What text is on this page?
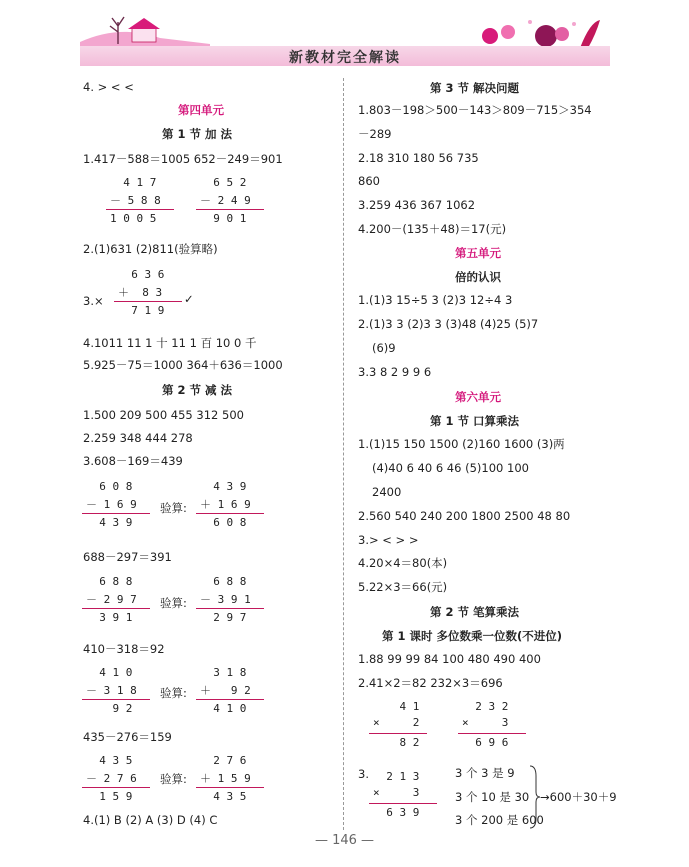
新教材完全解读
4. > < <
第四单元
第 1 节 加 法
1.417－588＝1005 652－249＝901
2.(1)631 (2)811(验算略)
3.×	✓
4.1011 11 1 十 11 1 百 10 0 千
5.925－75＝1000 364＋636＝1000
第 2 节 减 法
1.500 209 500 455 312 500
2.259 348 444 278
3.608－169＝439
验算:
688－297＝391
验算:
410－318＝92
验算:
435－276＝159
验算:
4.(1) B (2) A (3) D (4) C
第 3 节 解决问题
1.803－198＞500－143＞809－715＞354
－289
2.18 310 180 56 735
860
3.259 436 367 1062
4.200－(135＋48)＝17(元)
第五单元
倍的认识
1.(1)3 15÷5 3 (2)3 12÷4 3
2.(1)3 3 (2)3 3 (3)48 (4)25 (5)7
(6)9
3.3 8 2 9 9 6
第六单元
第 1 节 口算乘法
1.(1)15 150 1500 (2)160 1600 (3)两
(4)40 6 40 6 46 (5)100 100
2400
2.560 540 240 200 1800 2500 48 80
3.> < > >
4.20×4＝80(本)
5.22×3＝66(元)
第 2 节 笔算乘法
第 1 课时 多位数乘一位数(不进位)
1.88 99 99 84 100 480 490 400
2.41×2＝82 232×3＝696
3.	3 个 3 是 9
3 个 10 是 30
3 个 200 是 600
→600＋30＋9
4 1 7
－ 5 8 8
1 0 0 5
6 5 2
－ 2 4 9
9 0 1
6 3 6
＋  8 3
7 1 9
6 0 8
－ 1 6 9
4 3 9
4 3 9
＋ 1 6 9
6 0 8
6 8 8
－ 2 9 7
3 9 1
6 8 8
－ 3 9 1
2 9 7
4 1 0
－ 3 1 8
9 2
3 1 8
＋   9 2
4 1 0
4 3 5
－ 2 7 6
1 5 9
2 7 6
＋ 1 5 9
4 3 5
4 1
×     2
8 2
2 3 2
×     3
6 9 6
2 1 3
×     3
6 3 9
— 146 —
